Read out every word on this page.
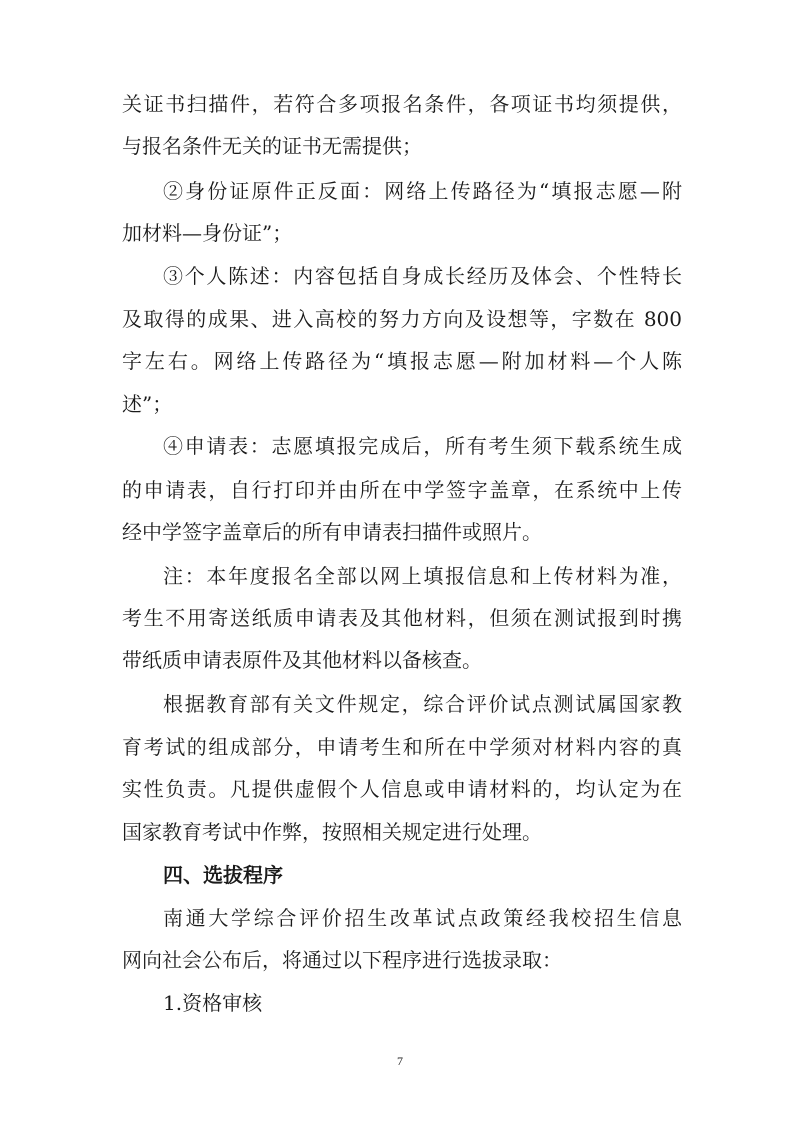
关证书扫描件，若符合多项报名条件，各项证书均须提供，
与报名条件无关的证书无需提供；
②身份证原件正反面：网络上传路径为“填报志愿—附
加材料—身份证”；
③个人陈述：内容包括自身成长经历及体会、个性特长
及取得的成果、进入高校的努力方向及设想等，字数在 800
字左右。网络上传路径为“填报志愿—附加材料—个人陈
述”；
④申请表：志愿填报完成后，所有考生须下载系统生成
的申请表，自行打印并由所在中学签字盖章，在系统中上传
经中学签字盖章后的所有申请表扫描件或照片。
注：本年度报名全部以网上填报信息和上传材料为准，
考生不用寄送纸质申请表及其他材料，但须在测试报到时携
带纸质申请表原件及其他材料以备核查。
根据教育部有关文件规定，综合评价试点测试属国家教
育考试的组成部分，申请考生和所在中学须对材料内容的真
实性负责。凡提供虚假个人信息或申请材料的，均认定为在
国家教育考试中作弊，按照相关规定进行处理。
四、选拔程序
南通大学综合评价招生改革试点政策经我校招生信息
网向社会公布后，将通过以下程序进行选拔录取：
1.资格审核
7
